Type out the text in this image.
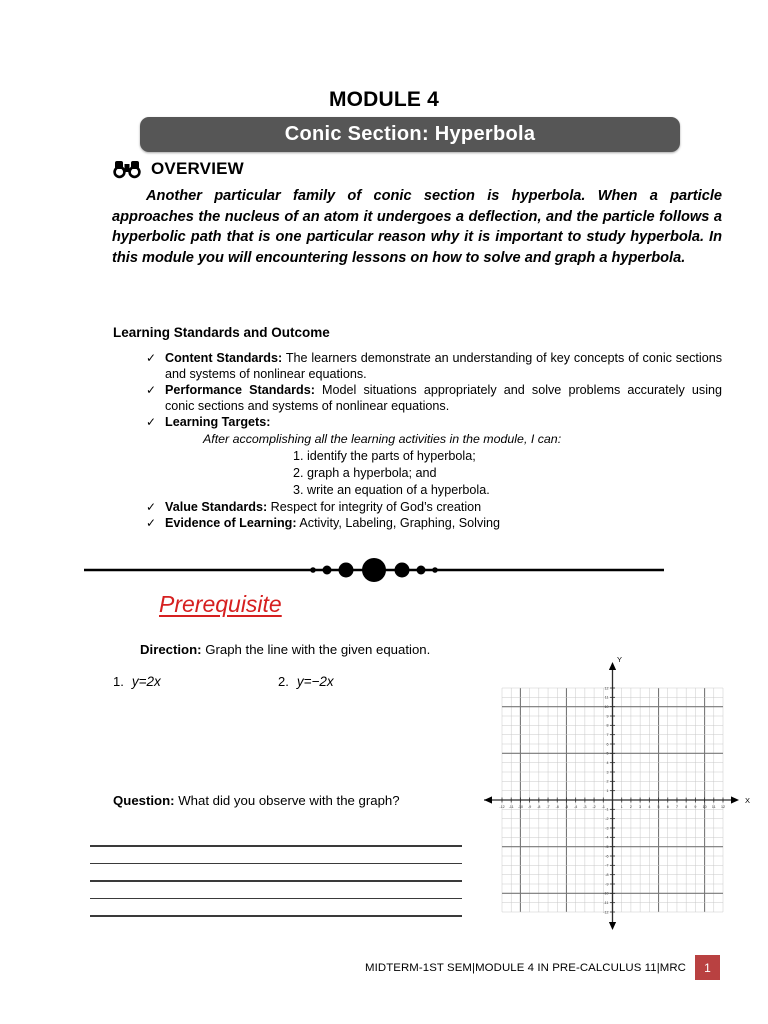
MODULE 4
Conic Section: Hyperbola
OVERVIEW
Another particular family of conic section is hyperbola. When a particle approaches the nucleus of an atom it undergoes a deflection, and the particle follows a hyperbolic path that is one particular reason why it is important to study hyperbola. In this module you will encountering lessons on how to solve and graph a hyperbola.
Learning Standards and Outcome
✓ Content Standards: The learners demonstrate an understanding of key concepts of conic sections and systems of nonlinear equations.
✓ Performance Standards: Model situations appropriately and solve problems accurately using conic sections and systems of nonlinear equations.
✓ Learning Targets:
After accomplishing all the learning activities in the module, I can:
1. identify the parts of hyperbola;
2. graph a hyperbola; and
3. write an equation of a hyperbola.
✓ Value Standards: Respect for integrity of God’s creation
✓ Evidence of Learning: Activity, Labeling, Graphing, Solving
Prerequisite
Direction: Graph the line with the given equation.
1. y=2x	2. y=−2x
Question: What did you observe with the graph?	-12 -11 -10 -9 -8 -7 -6 -5 -4 -3 -2 -1	1 2 3 4 5 6 7 8 9 10 11 12
-12
-11
-10
-9
-8
-7
-6
-5
-4
-3
-2
-1
1
2
3
4
5
6
7
8
9
10
11
12
X
Y
MIDTERM-1ST SEM|MODULE 4 IN PRE-CALCULUS 11|MRC	1
